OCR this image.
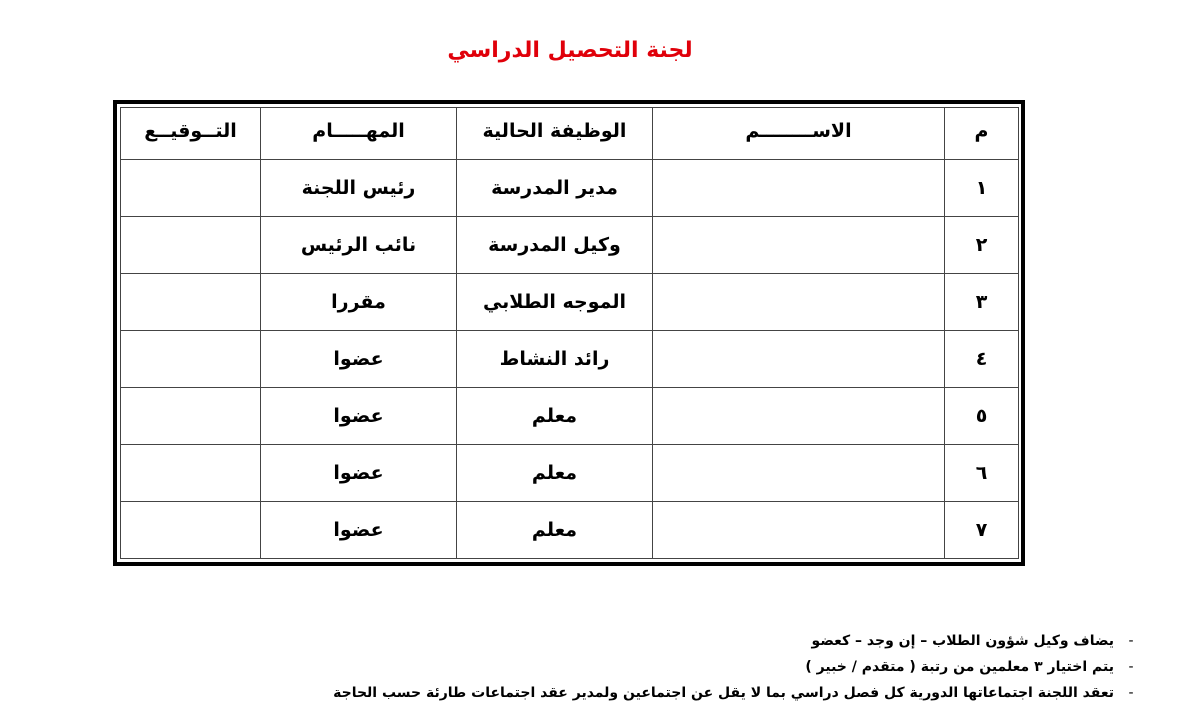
لجنة التحصيل الدراسي
م	الاســــــــم	الوظيفة الحالية	المهـــــام	التــوقيــع
١		مدير المدرسة	رئيس اللجنة	
٢		وكيل المدرسة	نائب الرئيس	
٣		الموجه الطلابي	مقررا	
٤		رائد النشاط	عضوا	
٥		معلم	عضوا	
٦		معلم	عضوا	
٧		معلم	عضوا	
-
يضاف وكيل شؤون الطلاب – إن وجد – كعضو
-
يتم اختيار ٣ معلمين من رتبة ( متقدم / خبير )
-
تعقد اللجنة اجتماعاتها الدورية كل فصل دراسي بما لا يقل عن اجتماعين ولمدير عقد اجتماعات طارئة حسب الحاجة
